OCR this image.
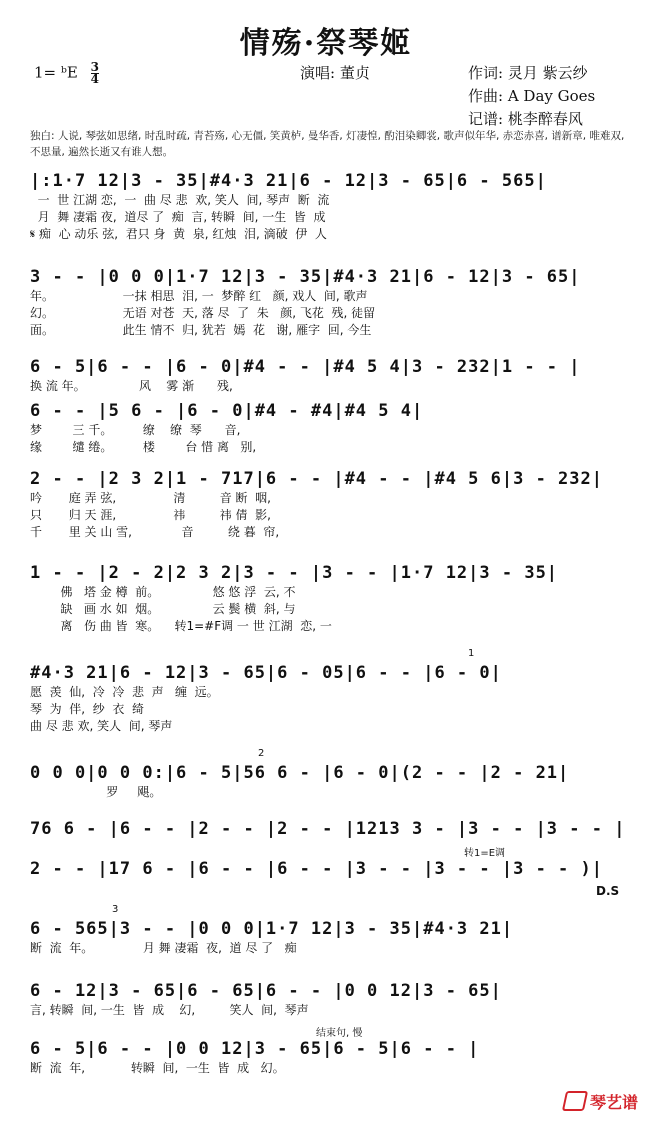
情殇·祭琴姬
1= ᵇE $\frac{3}{4}$	演唱: 董贞	作词: 灵月 紫云纱
作曲: A Day Goes
记谱: 桃李醉春风
独白: 人说, 琴弦如思绪, 时乱时疏, 青苔殇, 心无僵, 笑黄栌, 曼华香, 灯凄惶, 酌泪染卿裳, 歌声似年华, 赤恋赤喜, 谱新章, 唯难双, 不思量, 遍然长逝又有谁人想。
|:1·7 12|3 - 35|#4·3 21|6 - 12|3 - 65|6 - 565|
一  世 江湖 恋,  一  曲 尽 悲  欢, 笑人  间, 琴声  断  流
月  舞 凄霜 夜,  道尽 了  痴  言, 转瞬  间, 一生  皆  成
𝄋 痴  心 动乐 弦,  君只 身  黄  泉, 红烛  泪, 滴破  伊  人
3 - - |0 0 0|1·7 12|3 - 35|#4·3 21|6 - 12|3 - 65|
年。                  一抹 相思  泪, 一  梦醉 红   颜, 戏人  间, 歌声
幻。                  无语 对苍  天, 落 尽  了  朱   颜, 飞花  残, 徒留
面。                  此生 情不  归, 犹若  嫣  花   谢, 雁字  回, 今生
6 - 5|6 - - |6 - 0|#4 - - |#4 5 4|3 - 232|1 - - |
换 流 年。              风    雾 渐      残,
6 - - |5 6 - |6 - 0|#4 - #4|#4 5 4|
梦        三 千。        缭    缭  琴      音,
缘        缱 绻。        楼        台 惜 离   别,
2 - - |2 3 2|1 - 717|6 - - |#4 - - |#4 5 6|3 - 232|
吟       庭 弄 弦,               清         音 断  咽,
只       归 天 涯,               祎         祎 倩  影,
千       里 关 山 雪,             音         绕 暮  帘,
1 - - |2 - 2|2 3 2|3 - - |3 - - |1·7 12|3 - 35|
佛   塔 金 樽  前。              悠 悠 浮  云, 不
缺   画 水 如  烟。              云 鬓 横  斜, 与
离   伤 曲 皆  寒。    转1=#F调 一 世 江湖  恋, 一
1
#4·3 21|6 - 12|3 - 65|6 - 05|6 - - |6 - 0|
愿  羡  仙,  冷  冷  悲  声   缠  远。
琴  为  伴,  纱  衣  绮
曲 尽 悲 欢, 笑人  间, 琴声
2
0 0 0|0 0 0:|6 - 5|56 6 - |6 - 0|(2 - - |2 - 21|
罗     飓。
76 6 - |6 - - |2 - - |2 - - |1213 3 - |3 - - |3 - - |
转1=E调
2 - - |17 6 - |6 - - |6 - - |3 - - |3 - - |3 - - )|
D.S
3
6 - 565|3 - - |0 0 0|1·7 12|3 - 35|#4·3 21|
断  流  年。             月 舞 凄霜  夜,  道 尽 了   痴
6 - 12|3 - 65|6 - 65|6 - - |0 0 12|3 - 65|
言, 转瞬  间, 一生  皆  成    幻,         笑人  间,  琴声
结束句, 慢
6 - 5|6 - - |0 0 12|3 - 65|6 - 5|6 - - |
断  流  年,            转瞬  间,  一生  皆  成   幻。
琴艺谱
